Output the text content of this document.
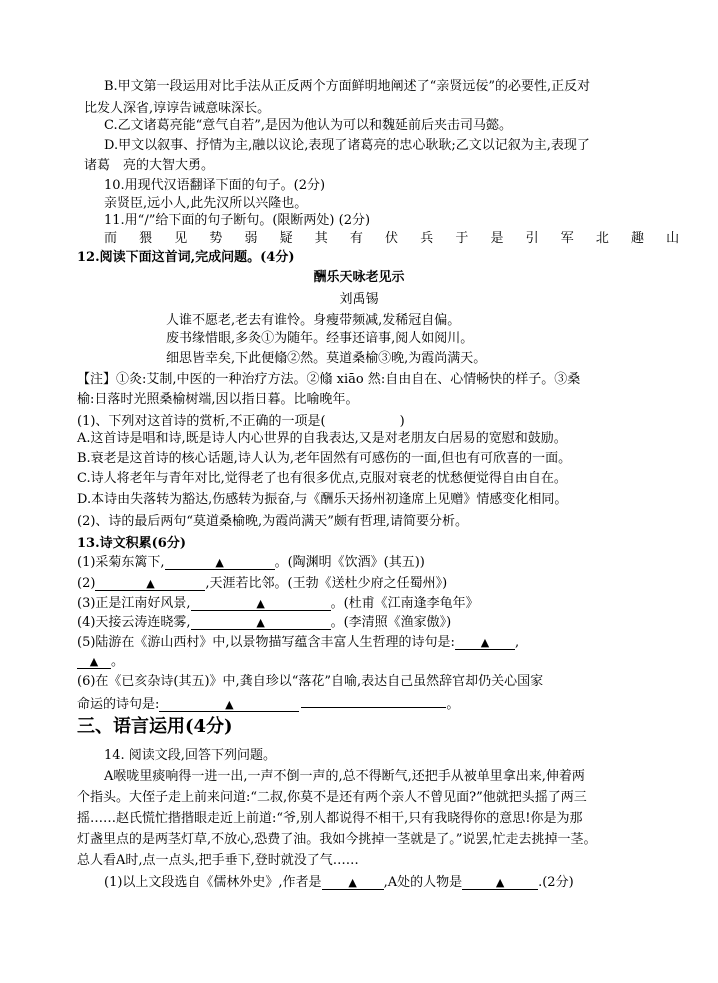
B.甲文第一段运用对比手法从正反两个方面鲜明地阐述了“亲贤远佞”的必要性,正反对
比发人深省,谆谆告诫意味深长。
C.乙文诸葛亮能“意气自若”,是因为他认为可以和魏延前后夹击司马懿。
D.甲文以叙事、抒情为主,融以议论,表现了诸葛亮的忠心耿耿;乙文以记叙为主,表现了
诸葛　亮的大智大勇。
10.用现代汉语翻译下面的句子。(2分)
亲贤臣,远小人,此先汉所以兴隆也。
11.用“/”给下面的句子断句。(限断两处) (2分)
而 猥 见 势 弱 疑 其 有 伏 兵 于 是 引 军 北 趣 山
12.阅读下面这首词,完成问题。(4分)
酬乐天咏老见示
刘禹锡
人谁不愿老,老去有谁怜。身瘦带频减,发稀冠自偏。
废书缘惜眼,多灸①为随年。经事还谙事,阅人如阅川。
细思皆幸矣,下此便翛②然。莫道桑榆③晚,为霞尚满天。
【注】①灸:艾制,中医的一种治疗方法。②翛 xiāo 然:自由自在、心情畅快的样子。③桑
榆:日落时光照桑榆树端,因以指日暮。比喻晚年。
(1)、下列对这首诗的赏析,不正确的一项是(	)
A.这首诗是唱和诗,既是诗人内心世界的自我表达,又是对老朋友白居易的宽慰和鼓励。
B.衰老是这首诗的核心话题,诗人认为,老年固然有可感伤的一面,但也有可欣喜的一面。
C.诗人将老年与青年对比,觉得老了也有很多优点,克服对衰老的忧愁便觉得自由自在。
D.本诗由失落转为豁达,伤感转为振奋,与《酬乐天扬州初逢席上见赠》情感变化相同。
(2)、诗的最后两句“莫道桑榆晚,为霞尚满天”颇有哲理,请简要分析。
13.诗文积累(6分)
(1)采菊东篱下,	▲	。(陶渊明《饮酒》(其五))
(2)	▲	,天涯若比邻。(王勃《送杜少府之任蜀州》)
(3)正是江南好风景,	▲	。(杜甫《江南逢李龟年》
(4)天接云涛连晓雾,	▲	。(李清照《渔家傲》)
(5)陆游在《游山西村》中,以景物描写蕴含丰富人生哲理的诗句是: ▲ ,
▲ 。
(6)在《已亥杂诗(其五)》中,龚自珍以“落花”自喻,表达自己虽然辞官却仍关心国家
命运的诗句是:	▲	。
三、语言运用(4分)
14. 阅读文段,回答下列问题。
A喉咙里痰响得一进一出,一声不倒一声的,总不得断气,还把手从被单里拿出来,伸着两
个指头。大侄子走上前来问道:“二叔,你莫不是还有两个亲人不曾见面?”他就把头摇了两三
摇……赵氏慌忙揩揩眼走近上前道:“爷,别人都说得不相干,只有我晓得你的意思!你是为那
灯盏里点的是两茎灯草,不放心,恐费了油。我如今挑掉一茎就是了。”说罢,忙走去挑掉一茎。
总人看A时,点一点头,把手垂下,登时就没了气……
(1)以上文段选自《儒林外史》,作者是 ▲ ,A处的人物是	▲	.(2分)
